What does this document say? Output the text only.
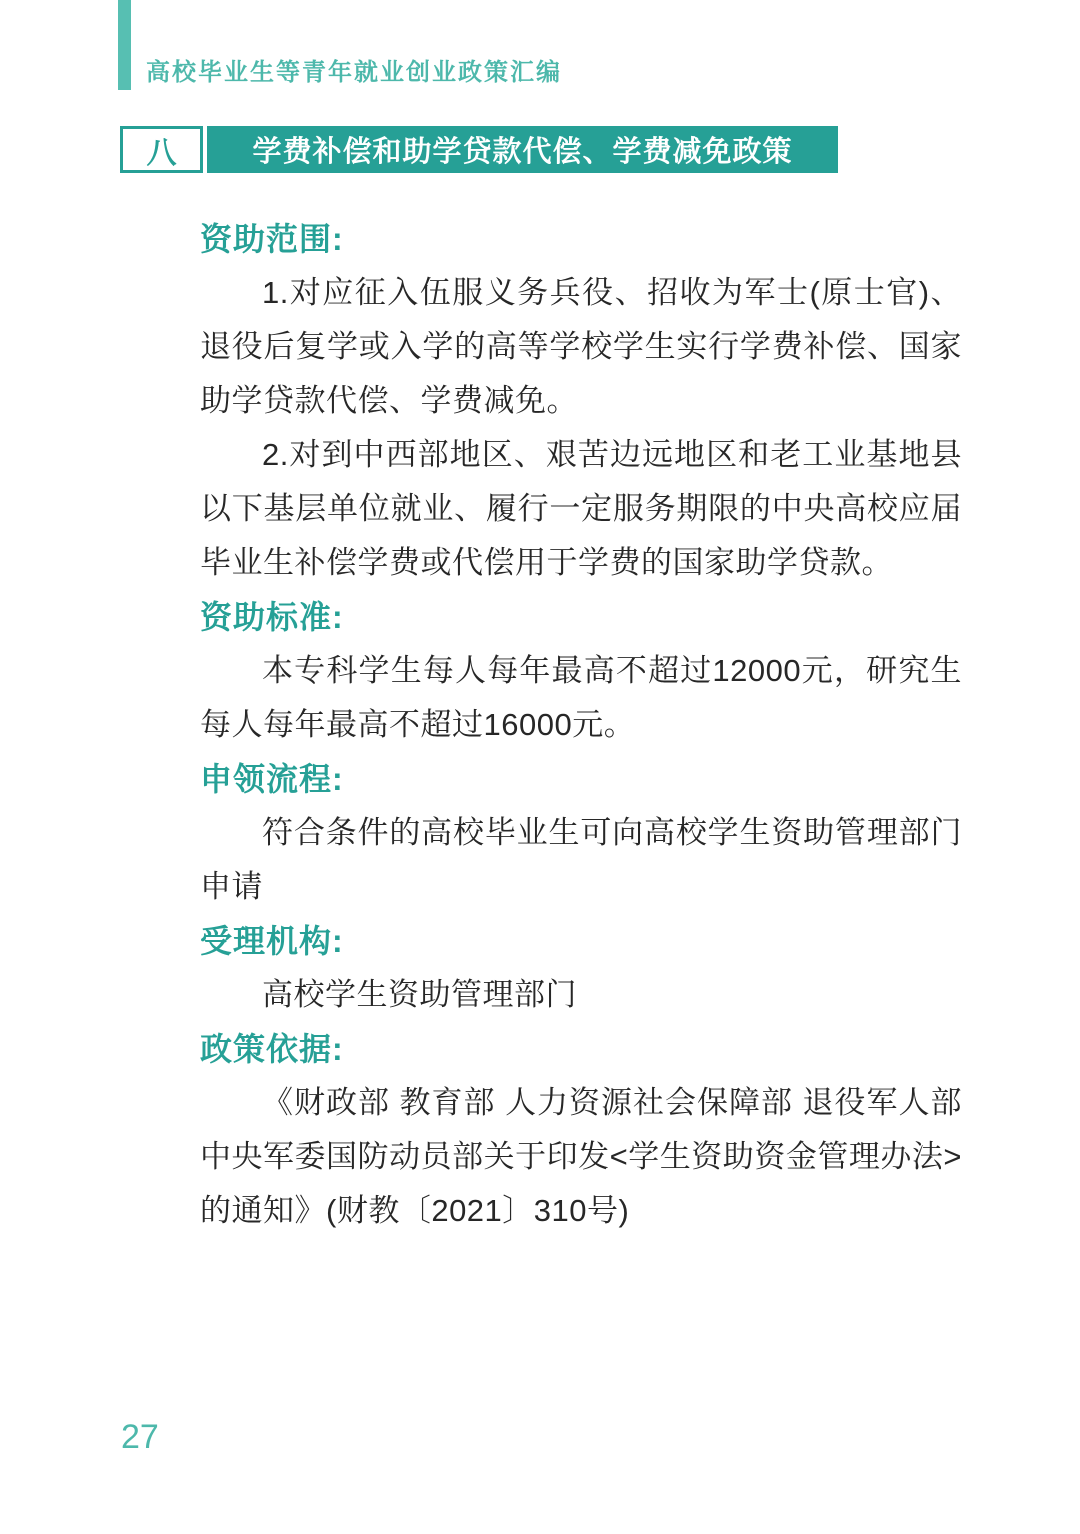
高校毕业生等青年就业创业政策汇编
八	学费补偿和助学贷款代偿、学费减免政策
资助范围:

1.对应征入伍服义务兵役、招收为军士(原士官)、退役后复学或入学的高等学校学生实行学费补偿、国家助学贷款代偿、学费减免。

2.对到中西部地区、艰苦边远地区和老工业基地县以下基层单位就业、履行一定服务期限的中央高校应届毕业生补偿学费或代偿用于学费的国家助学贷款。

资助标准:

本专科学生每人每年最高不超过12000元，研究生每人每年最高不超过16000元。

申领流程:

符合条件的高校毕业生可向高校学生资助管理部门申请

受理机构:

高校学生资助管理部门

政策依据:

《财政部 教育部 人力资源社会保障部 退役军人部 中央军委国防动员部关于印发<学生资助资金管理办法>的通知》(财教〔2021〕310号)

27
